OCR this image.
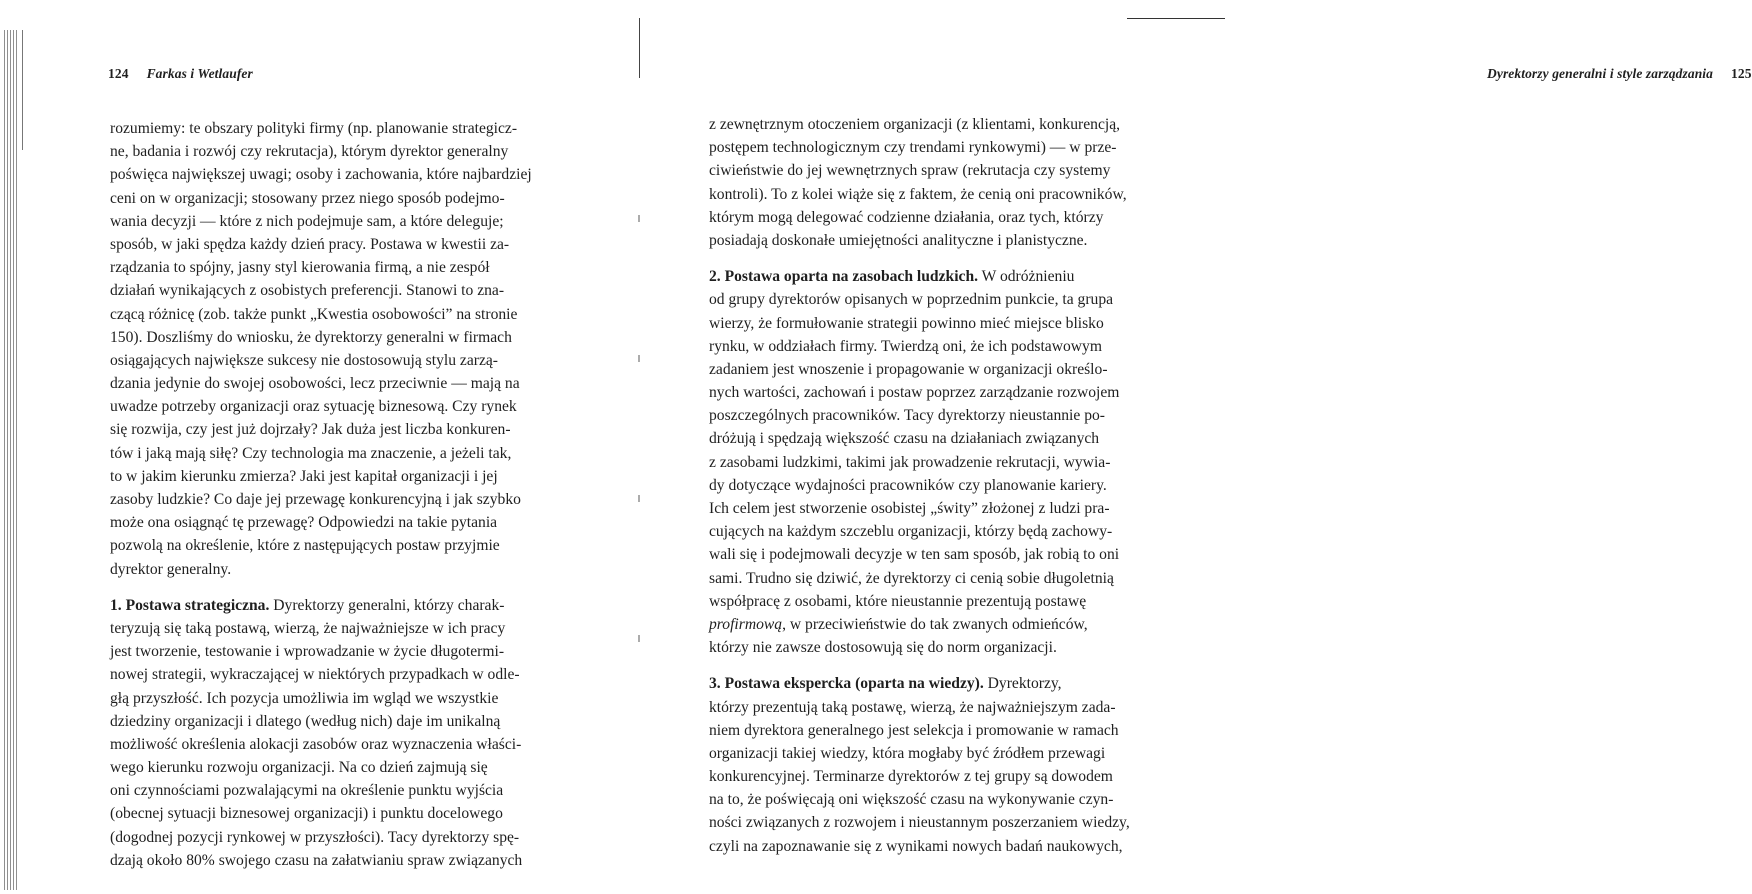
124 Farkas i Wetlaufer
rozumiemy: te obszary polityki firmy (np. planowanie strategicz-
ne, badania i rozwój czy rekrutacja), którym dyrektor generalny
poświęca największej uwagi; osoby i zachowania, które najbardziej
ceni on w organizacji; stosowany przez niego sposób podejmo-
wania decyzji — które z nich podejmuje sam, a które deleguje;
sposób, w jaki spędza każdy dzień pracy. Postawa w kwestii za-
rządzania to spójny, jasny styl kierowania firmą, a nie zespół
działań wynikających z osobistych preferencji. Stanowi to zna-
czącą różnicę (zob. także punkt „Kwestia osobowości” na stronie
150). Doszliśmy do wniosku, że dyrektorzy generalni w firmach
osiągających największe sukcesy nie dostosowują stylu zarzą-
dzania jedynie do swojej osobowości, lecz przeciwnie — mają na
uwadze potrzeby organizacji oraz sytuację biznesową. Czy rynek
się rozwija, czy jest już dojrzały? Jak duża jest liczba konkuren-
tów i jaką mają siłę? Czy technologia ma znaczenie, a jeżeli tak,
to w jakim kierunku zmierza? Jaki jest kapitał organizacji i jej
zasoby ludzkie? Co daje jej przewagę konkurencyjną i jak szybko
może ona osiągnąć tę przewagę? Odpowiedzi na takie pytania
pozwolą na określenie, które z następujących postaw przyjmie
dyrektor generalny.
1. Postawa strategiczna. Dyrektorzy generalni, którzy charak-
teryzują się taką postawą, wierzą, że najważniejsze w ich pracy
jest tworzenie, testowanie i wprowadzanie w życie długotermi-
nowej strategii, wykraczającej w niektórych przypadkach w odle-
głą przyszłość. Ich pozycja umożliwia im wgląd we wszystkie
dziedziny organizacji i dlatego (według nich) daje im unikalną
możliwość określenia alokacji zasobów oraz wyznaczenia właści-
wego kierunku rozwoju organizacji. Na co dzień zajmują się
oni czynnościami pozwalającymi na określenie punktu wyjścia
(obecnej sytuacji biznesowej organizacji) i punktu docelowego
(dogodnej pozycji rynkowej w przyszłości). Tacy dyrektorzy spę-
dzają około 80% swojego czasu na załatwianiu spraw związanych
Dyrektorzy generalni i style zarządzania 125
z zewnętrznym otoczeniem organizacji (z klientami, konkurencją,
postępem technologicznym czy trendami rynkowymi) — w prze-
ciwieństwie do jej wewnętrznych spraw (rekrutacja czy systemy
kontroli). To z kolei wiąże się z faktem, że cenią oni pracowników,
którym mogą delegować codzienne działania, oraz tych, którzy
posiadają doskonałe umiejętności analityczne i planistyczne.
2. Postawa oparta na zasobach ludzkich. W odróżnieniu
od grupy dyrektorów opisanych w poprzednim punkcie, ta grupa
wierzy, że formułowanie strategii powinno mieć miejsce blisko
rynku, w oddziałach firmy. Twierdzą oni, że ich podstawowym
zadaniem jest wnoszenie i propagowanie w organizacji określo-
nych wartości, zachowań i postaw poprzez zarządzanie rozwojem
poszczególnych pracowników. Tacy dyrektorzy nieustannie po-
dróżują i spędzają większość czasu na działaniach związanych
z zasobami ludzkimi, takimi jak prowadzenie rekrutacji, wywia-
dy dotyczące wydajności pracowników czy planowanie kariery.
Ich celem jest stworzenie osobistej „świty” złożonej z ludzi pra-
cujących na każdym szczeblu organizacji, którzy będą zachowy-
wali się i podejmowali decyzje w ten sam sposób, jak robią to oni
sami. Trudno się dziwić, że dyrektorzy ci cenią sobie długoletnią
współpracę z osobami, które nieustannie prezentują postawę
profirmową, w przeciwieństwie do tak zwanych odmieńców,
którzy nie zawsze dostosowują się do norm organizacji.
3. Postawa ekspercka (oparta na wiedzy). Dyrektorzy,
którzy prezentują taką postawę, wierzą, że najważniejszym zada-
niem dyrektora generalnego jest selekcja i promowanie w ramach
organizacji takiej wiedzy, która mogłaby być źródłem przewagi
konkurencyjnej. Terminarze dyrektorów z tej grupy są dowodem
na to, że poświęcają oni większość czasu na wykonywanie czyn-
ności związanych z rozwojem i nieustannym poszerzaniem wiedzy,
czyli na zapoznawanie się z wynikami nowych badań naukowych,
